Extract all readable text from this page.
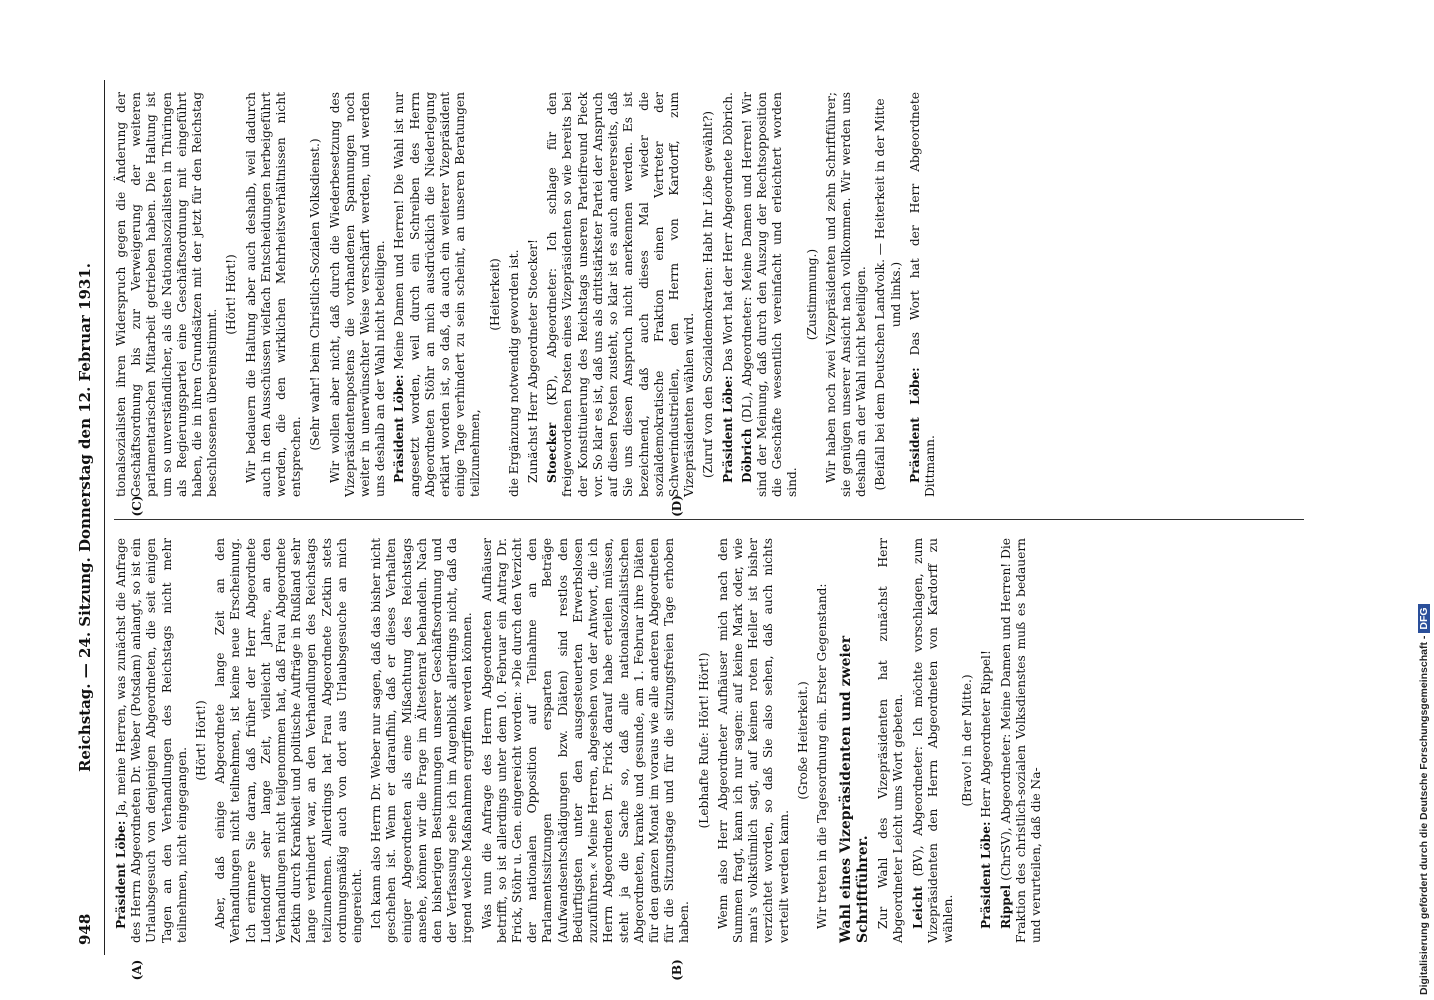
948
Reichstag. — 24. Sitzung. Donnerstag den 12. Februar 1931.
(A)	(B)
(C)	(D)

Präsident Löbe: Ja, meine Herren, was zunächst die Anfrage des Herrn Abgeordneten Dr. Weber (Potsdam) anlangt, so ist ein Urlaubsgesuch von denjenigen Abgeordneten, die seit einigen Tagen an den Verhandlungen des Reichstags nicht mehr teilnehmen, nicht eingegangen.

(Hört! Hört!) Aber, daß einige Abgeordnete lange Zeit an den Verhandlungen nicht teilnehmen, ist keine neue Erscheinung. Ich erinnere Sie daran, daß früher der Herr Abgeordnete Ludendorff sehr lange Zeit, vielleicht Jahre, an den Verhandlungen nicht teilgenommen hat, daß Frau Abgeordnete Zetkin durch Krankheit und politische Aufträge in Rußland sehr lange verhindert war, an den Verhandlungen des Reichstags teilzunehmen. Allerdings hat Frau Abgeordnete Zetkin stets ordnungsmäßig auch von dort aus Urlaubsgesuche an mich eingereicht. Ich kann also Herrn Dr. Weber nur sagen, daß das bisher nicht geschehen ist. Wenn er daraufhin, daß er dieses Verhalten einiger Abgeordneten als eine Mißachtung des Reichstags ansehe, können wir die Frage im Ältestenrat behandeln. Nach den bisherigen Bestimmungen unserer Geschäftsordnung und der Verfassung sehe ich im Augenblick allerdings nicht, daß da irgend welche Maßnahmen ergriffen werden können. Was nun die Anfrage des Herrn Abgeordneten Aufhäuser betrifft, so ist allerdings unter dem 10. Februar ein Antrag Dr. Frick, Stöhr u. Gen. eingereicht worden: »Die durch den Verzicht der nationalen Opposition auf Teilnahme an den Parlamentssitzungen ersparten Beträge (Aufwandsentschädigungen bzw. Diäten) sind restlos den Bedürftigsten unter den ausgesteuerten Erwerbslosen zuzuführen.« Meine Herren, abgesehen von der Antwort, die ich Herrn Abgeordneten Dr. Frick darauf habe erteilen müssen, steht ja die Sache so, daß alle nationalsozialistischen Abgeordneten, kranke und gesunde, am 1. Februar ihre Diäten für den ganzen Monat im voraus wie alle anderen Abgeordneten für die Sitzungstage und für die sitzungsfreien Tage erhoben haben.

(Lebhafte Rufe: Hört! Hört!) Wenn also Herr Abgeordneter Aufhäuser mich nach den Summen fragt, kann ich nur sagen: auf keine Mark oder, wie man's volkstümlich sagt, auf keinen roten Heller ist bisher verzichtet worden, so daß Sie also sehen, daß auch nichts verteilt werden kann.

(Große Heiterkeit.) Wir treten in die Tagesordnung ein. Erster Gegenstand: Wahl eines Vizepräsidenten und zweier Schriftführer. Zur Wahl des Vizepräsidenten hat zunächst Herr Abgeordneter Leicht ums Wort gebeten. Leicht (BV), Abgeordneter: Ich möchte vorschlagen, zum Vizepräsidenten den Herrn Abgeordneten von Kardorff zu wählen.

(Bravo! in der Mitte.)

Präsident Löbe: Herr Abgeordneter Rippel!

Rippel (ChrSV), Abgeordneter: Meine Damen und Herren! Die Fraktion des christlich-sozialen Volksdienstes muß es bedauern und verurteilen, daß die Na-

tionalsozialisten ihren Widerspruch gegen die Änderung der Geschäftsordnung bis zur Verweigerung der weiteren parlamentarischen Mitarbeit getrieben haben. Die Haltung ist um so unverständlicher, als die Nationalsozialisten in Thüringen als Regierungspartei eine Geschäftsordnung mit eingeführt haben, die in ihren Grundsätzen mit der jetzt für den Reichstag beschlossenen übereinstimmt.

(Hört! Hört!) Wir bedauern die Haltung aber auch deshalb, weil dadurch auch in den Ausschüssen vielfach Entscheidungen herbeigeführt werden, die den wirklichen Mehrheitsverhältnissen nicht entsprechen.

(Sehr wahr! beim Christlich-Sozialen Volksdienst.) Wir wollen aber nicht, daß durch die Wiederbesetzung des Vizepräsidentenpostens die vorhandenen Spannungen noch weiter in unerwünschter Weise verschärft werden, und werden uns deshalb an der Wahl nicht beteiligen. Präsident Löbe: Meine Damen und Herren! Die Wahl ist nur angesetzt worden, weil durch ein Schreiben des Herrn Abgeordneten Stöhr an mich ausdrücklich die Niederlegung erklärt worden ist, so daß, da auch ein weiterer Vizepräsident einige Tage verhindert zu sein scheint, an unseren Beratungen teilzunehmen,

(Heiterkeit) die Ergänzung notwendig geworden ist. Zunächst Herr Abgeordneter Stoecker! Stoecker (KP), Abgeordneter: Ich schlage für den freigewordenen Posten eines Vizepräsidenten so wie bereits bei der Konstituierung des Reichstags unseren Parteifreund Pieck vor. So klar es ist, daß uns als drittstärkster Partei der Anspruch auf diesen Posten zusteht, so klar ist es auch andererseits, daß Sie uns diesen Anspruch nicht anerkennen werden. Es ist bezeichnend, daß auch dieses Mal wieder die sozialdemokratische Fraktion einen Vertreter der Schwerindustriellen, den Herrn von Kardorff, zum Vizepräsidenten wählen wird. (Zuruf von den Sozialdemokraten: Habt Ihr Löbe gewählt?) Präsident Löbe: Das Wort hat der Herr Abgeordnete Döbrich.

Döbrich (DL), Abgeordneter: Meine Damen und Herren! Wir sind der Meinung, daß durch den Auszug der Rechtsopposition die Geschäfte wesentlich vereinfacht und erleichtert worden sind.

(Zustimmung.) Wir haben noch zwei Vizepräsidenten und zehn Schriftführer; sie genügen unserer Ansicht nach vollkommen. Wir werden uns deshalb an der Wahl nicht beteiligen. (Beifall bei dem Deutschen Landvolk. — Heiterkeit in der Mitte und links.)

Präsident Löbe: Das Wort hat der Herr Abgeordnete Dittmann.

Digitalisierung gefördert durch die Deutsche Forschungsgemeinschaft -DFG
